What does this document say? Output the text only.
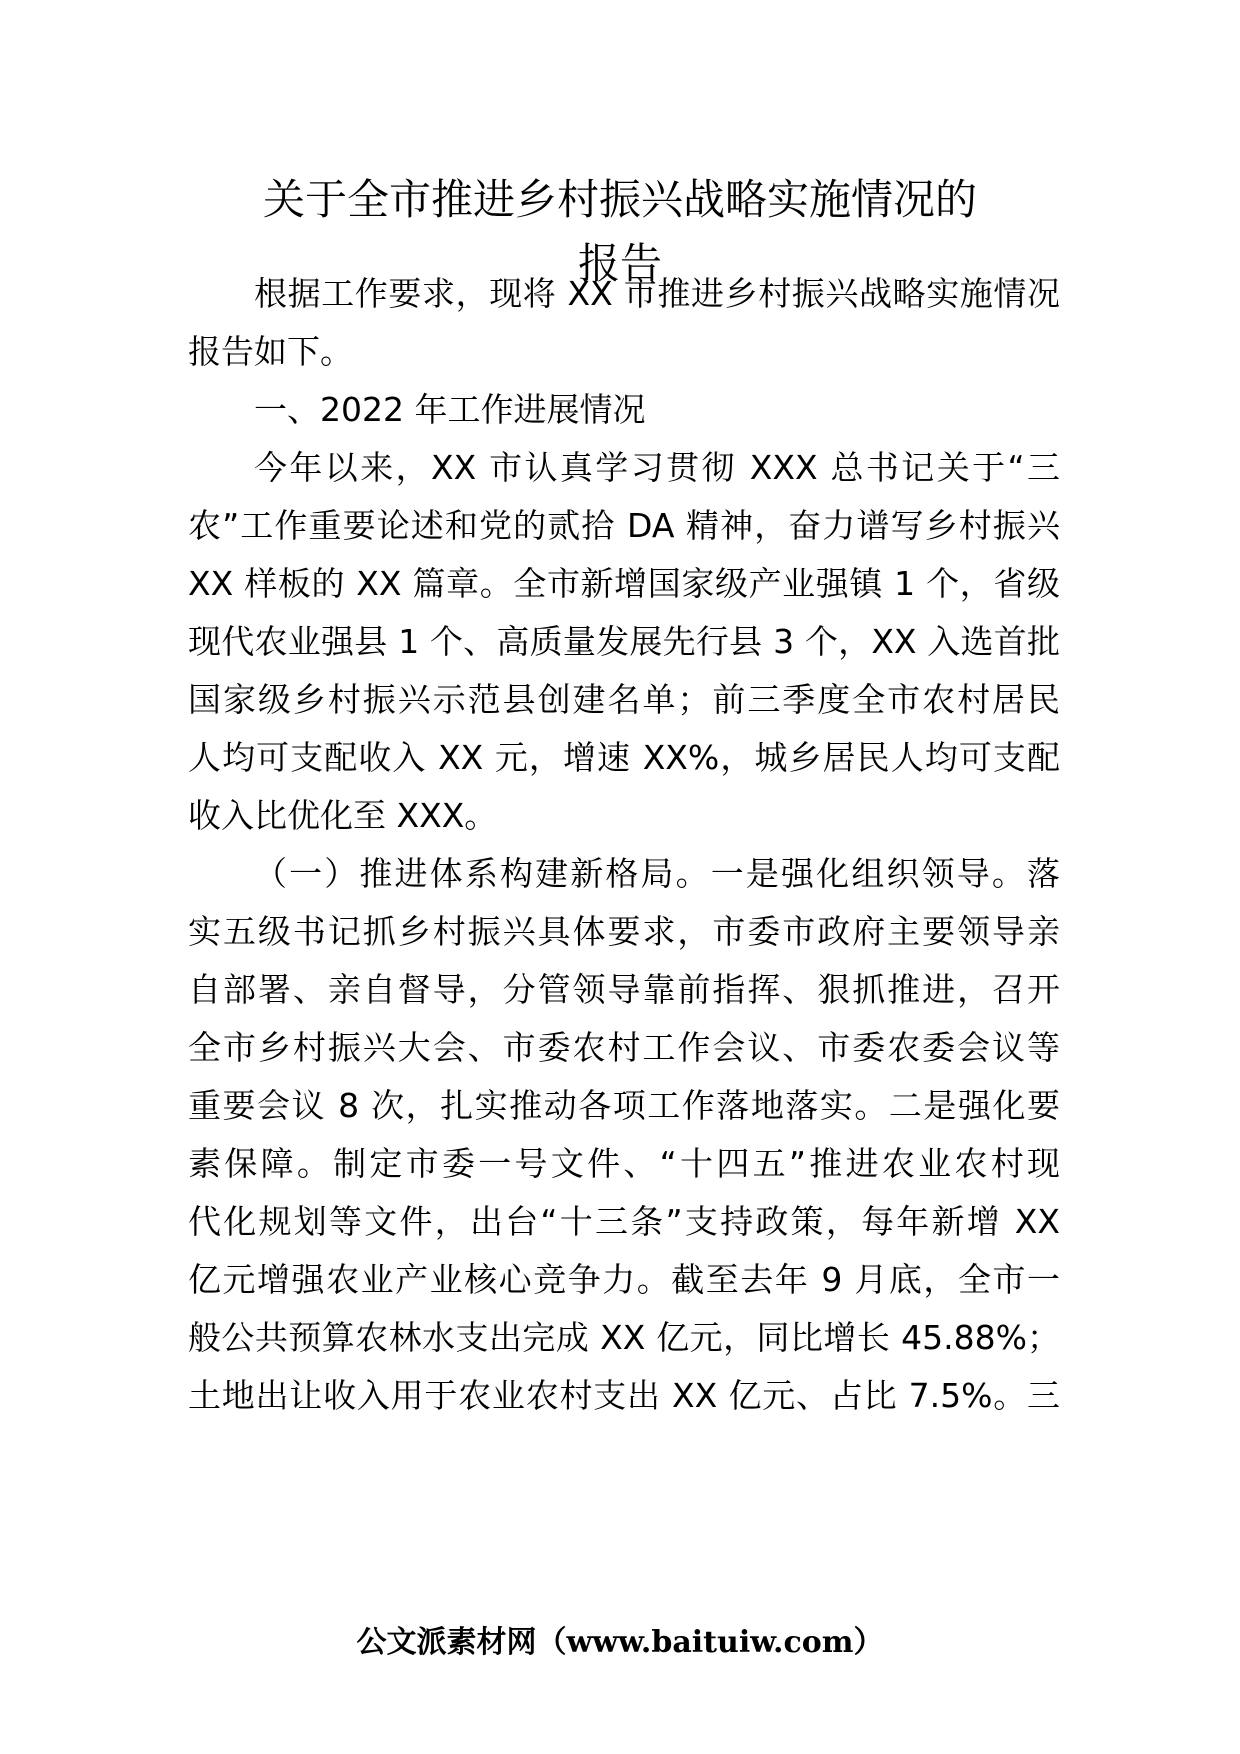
关于全市推进乡村振兴战略实施情况的
报告

根据工作要求，现将 XX 市推进乡村振兴战略实施情况

报告如下。

一、2022 年工作进展情况

今年以来，XX 市认真学习贯彻 XXX 总书记关于“三

农”工作重要论述和党的贰拾 DA 精神，奋力谱写乡村振兴

XX 样板的 XX 篇章。全市新增国家级产业强镇 1 个，省级

现代农业强县 1 个、高质量发展先行县 3 个，XX 入选首批

国家级乡村振兴示范县创建名单；前三季度全市农村居民

人均可支配收入 XX 元，增速 XX%，城乡居民人均可支配

收入比优化至 XXX。

（一）推进体系构建新格局。一是强化组织领导。落

实五级书记抓乡村振兴具体要求，市委市政府主要领导亲

自部署、亲自督导，分管领导靠前指挥、狠抓推进，召开

全市乡村振兴大会、市委农村工作会议、市委农委会议等

重要会议 8 次，扎实推动各项工作落地落实。二是强化要

素保障。制定市委一号文件、“十四五”推进农业农村现

代化规划等文件，出台“十三条”支持政策，每年新增 XX

亿元增强农业产业核心竞争力。截至去年 9 月底，全市一

般公共预算农林水支出完成 XX 亿元，同比增长 45.88%；

土地出让收入用于农业农村支出 XX 亿元、占比 7.5%。三

公文派素材网（www.baituiw.com）
